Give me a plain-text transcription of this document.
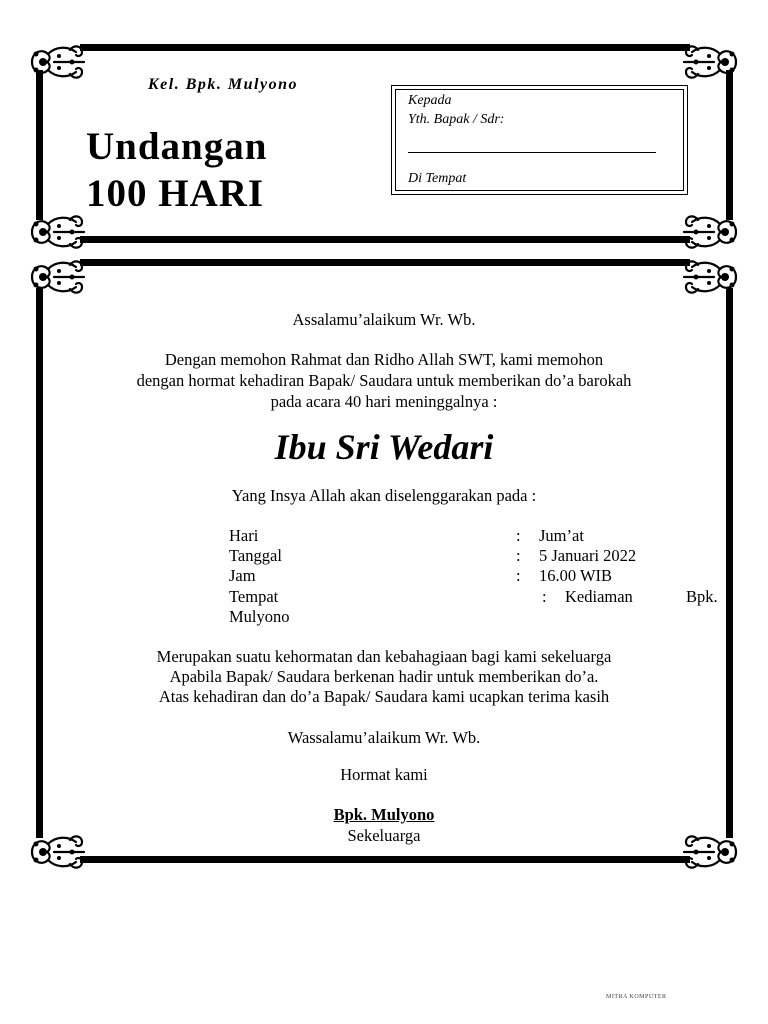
Kel. Bpk. Mulyono
Undangan
100 HARI
Kepada
Yth. Bapak / Sdr:
Di Tempat
Assalamu’alaikum Wr. Wb.
Dengan memohon Rahmat dan Ridho Allah SWT, kami memohon
dengan hormat kehadiran Bapak/ Saudara untuk memberikan do’a barokah
pada acara 40 hari meninggalnya :
Ibu Sri Wedari
Yang Insya Allah akan diselenggarakan pada :
Hari	: Jum’at
Tanggal	: 5 Januari 2022
Jam	: 16.00 WIB
Tempat	: Kediaman	Bpk.
Mulyono
Merupakan suatu kehormatan dan kebahagiaan bagi kami sekeluarga
Apabila Bapak/ Saudara berkenan hadir untuk memberikan do’a.
Atas kehadiran dan do’a Bapak/ Saudara kami ucapkan terima kasih
Wassalamu’alaikum Wr. Wb.
Hormat kami
Bpk. Mulyono
Sekeluarga
MITRA KOMPUTER
